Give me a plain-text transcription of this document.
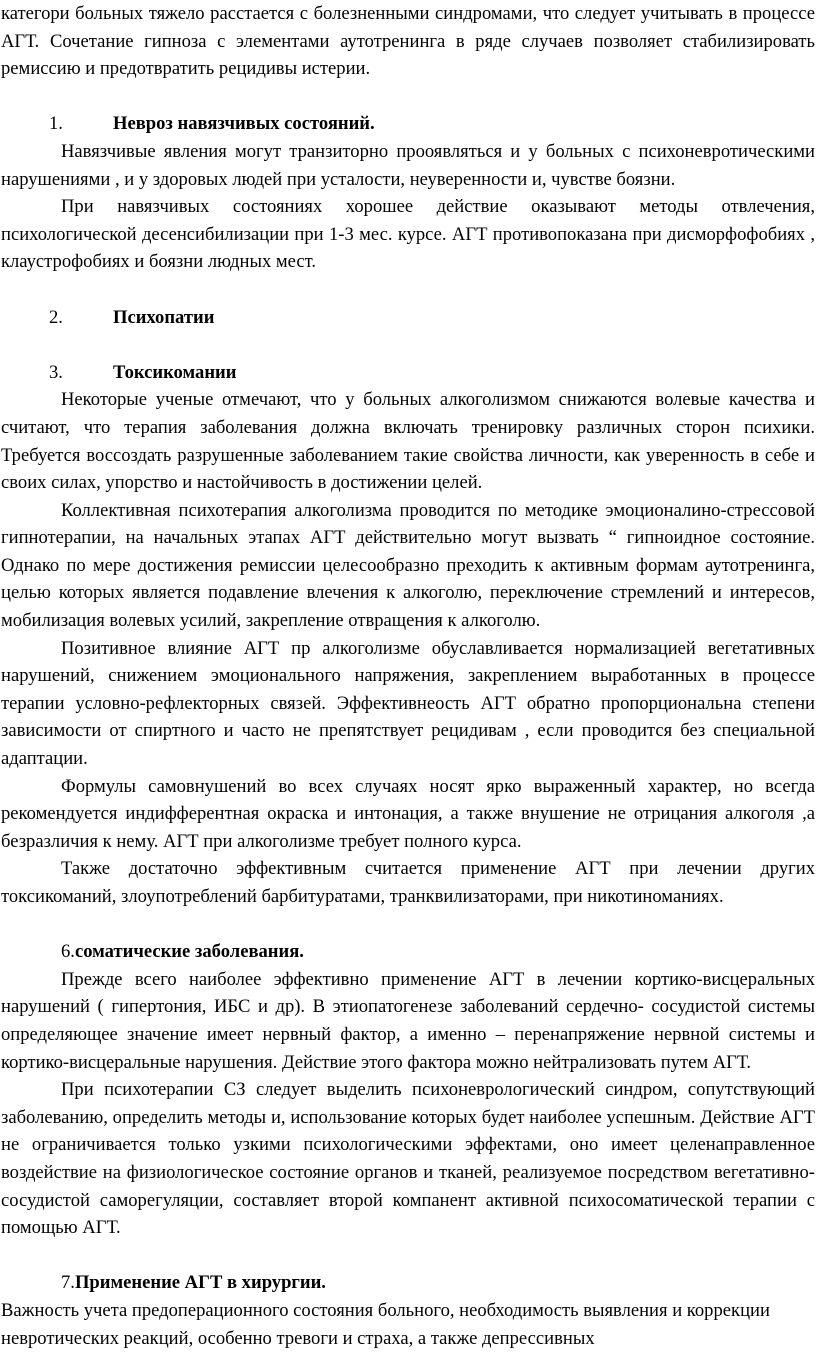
категори больных тяжело расстается с болезненными синдромами, что следует учитывать в процессе АГТ. Сочетание гипноза с элементами аутотренинга в ряде случаев позволяет стабилизировать ремиссию и предотвратить рецидивы истерии.

1.	Невроз навязчивых состояний.

Навязчивые явления могут транзиторно прооявляться и у больных с психоневротическими нарушениями , и у здоровых людей при усталости, неуверенности и, чувстве боязни.

При навязчивых состояниях хорошее действие оказывают методы отвлечения, психологической десенсибилизации при 1-3 мес. курсе. АГТ противопоказана при дисморфофобиях , клаустрофобиях и боязни людных мест.

2.	Психопатии

3.	Токсикомании

Некоторые ученые отмечают, что у больных алкоголизмом снижаются волевые качества и считают, что терапия заболевания должна включать тренировку различных сторон психики. Требуется воссоздать разрушенные заболеванием такие свойства личности, как уверенность в себе и своих силах, упорство и настойчивость в достижении целей.

Коллективная психотерапия алкоголизма проводится по методике эмоционалино-стрессовой гипнотерапии, на начальных этапах АГТ действительно могут вызвать “ гипноидное состояние. Однако по мере достижения ремиссии целесообразно преходить к активным формам аутотренинга, целью которых является подавление влечения к алкоголю, переключение стремлений и интересов, мобилизация волевых усилий, закрепление отвращения к алкоголю.

Позитивное влияние АГТ пр алкоголизме обуславливается нормализацией вегетативных нарушений, снижением эмоционального напряжения, закреплением выработанных в процессе терапии условно-рефлекторных связей. Эффективнеость АГТ обратно пропорциональна степени зависимости от спиртного и часто не препятствует рецидивам , если проводится без специальной адаптации.

Формулы самовнушений во всех случаях носят ярко выраженный характер, но всегда рекомендуется индифферентная окраска и интонация, а также внушение не отрицания алкоголя ,а безразличия к нему. АГТ при алкоголизме требует полного курса.

Также достаточно эффективным считается применение АГТ при лечении других токсикоманий, злоупотреблений барбитуратами, транквилизаторами, при никотиноманиях.

6.соматические заболевания.

Прежде всего наиболее эффективно применение АГТ в лечении кортико-висцеральных нарушений ( гипертония, ИБС и др). В этиопатогенезе заболеваний сердечно- сосудистой системы определяющее значение имеет нервный фактор, а именно – перенапряжение нервной системы и кортико-висцеральные нарушения. Действие этого фактора можно нейтрализовать путем АГТ.

При психотерапии СЗ следует выделить психоневрологический синдром, сопутствующий заболеванию, определить методы и, использование которых будет наиболее успешным. Действие АГТ не ограничивается только узкими психологическими эффектами, оно имеет целенаправленное воздействие на физиологическое состояние органов и тканей, реализуемое посредством вегетативно-сосудистой саморегуляции, составляет второй компанент активной психосоматической терапии с помощью АГТ.

7.Применение АГТ в хирургии.

Важность учета предоперационного состояния больного, необходимость выявления и коррекции невротических реакций, особенно тревоги и страха, а также депрессивных
